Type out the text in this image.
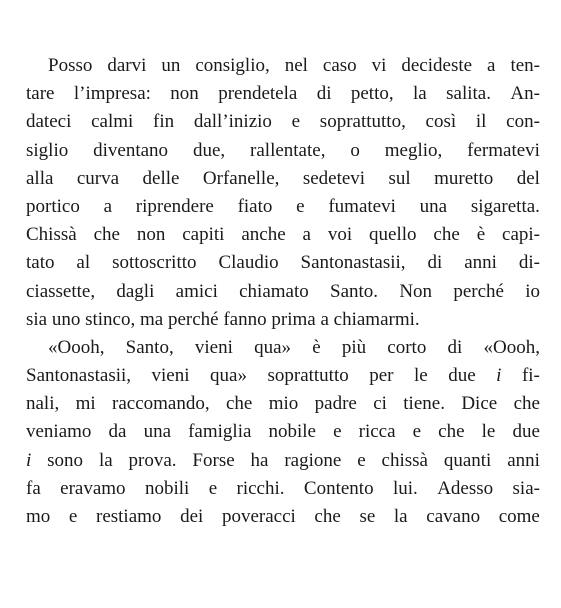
Posso darvi un consiglio, nel caso vi decideste a ten-
tare l’impresa: non prendetela di petto, la salita. An-
dateci calmi fin dall’inizio e soprattutto, così il con-
siglio diventano due, rallentate, o meglio, fermatevi
alla curva delle Orfanelle, sedetevi sul muretto del
portico a riprendere fiato e fumatevi una sigaretta.
Chissà che non capiti anche a voi quello che è capi-
tato al sottoscritto Claudio Santonastasii, di anni di-
ciassette, dagli amici chiamato Santo. Non perché io
sia
uno
stinco,
ma
perché
fanno
prima
a
chiamarmi.
«Oooh, Santo, vieni qua» è più corto di «Oooh,
Santonastasii, vieni qua» soprattutto per le due i fi-
nali, mi raccomando, che mio padre ci tiene. Dice che
veniamo da una famiglia nobile e ricca e che le due
i sono la prova. Forse ha ragione e chissà quanti anni
fa eravamo nobili e ricchi. Contento lui. Adesso sia-
mo e restiamo dei poveracci che se la cavano come
